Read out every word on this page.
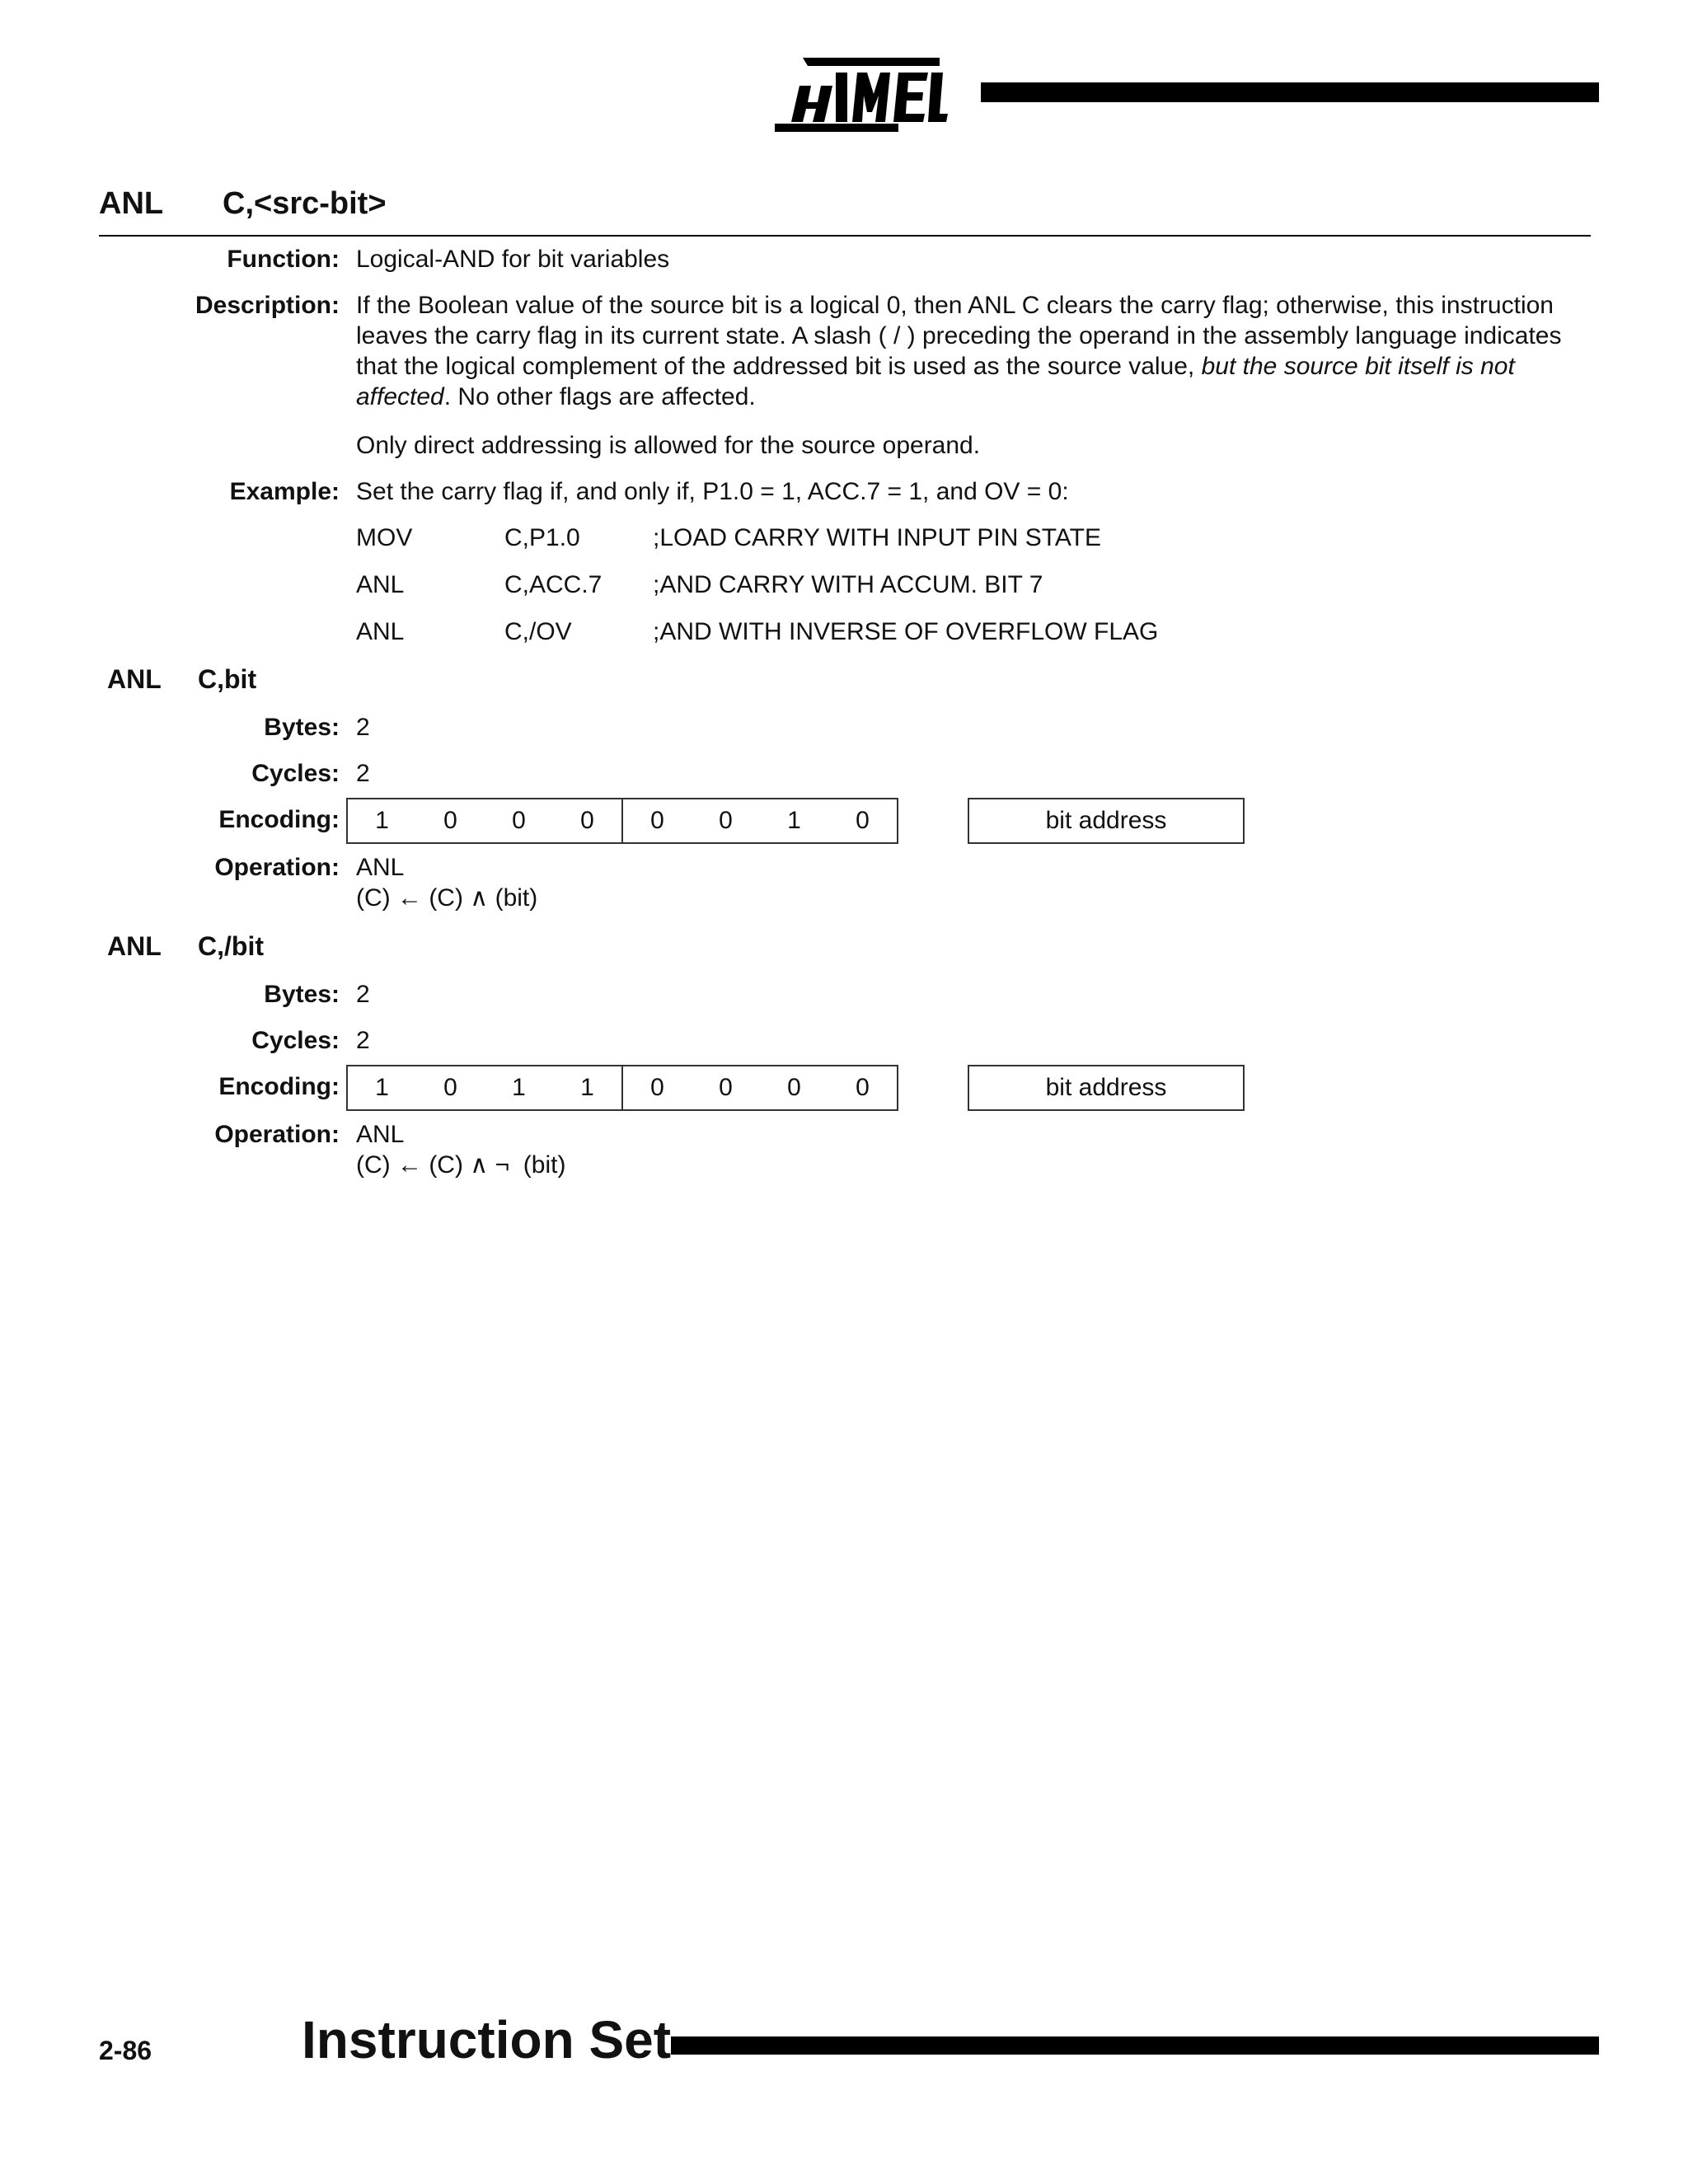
ANL C,<src-bit>
Function: Logical-AND for bit variables
Description: If the Boolean value of the source bit is a logical 0, then ANL C clears the carry flag; otherwise, this instruction
leaves the carry flag in its current state. A slash ( / ) preceding the operand in the assembly language indicates
that the logical complement of the addressed bit is used as the source value, but the source bit itself is not
affected. No other flags are affected.
Only direct addressing is allowed for the source operand.
Example: Set the carry flag if, and only if, P1.0 = 1, ACC.7 = 1, and OV = 0:
MOV	C,P1.0	;LOAD CARRY WITH INPUT PIN STATE
ANL	C,ACC.7 ;AND CARRY WITH ACCUM. BIT 7
ANL	C,/OV	;AND WITH INVERSE OF OVERFLOW FLAG
ANL C,bit
Bytes: 2
Cycles: 2
Encoding:	1	0	0	0	0	0	1	0	bit address
Operation: ANL
(C) ← (C) ∧ (bit)
ANL C,/bit
Bytes: 2
Cycles: 2
Encoding:	1	0	1	1	0	0	0	0	bit address
Operation: ANL
(C) ← (C) ∧ ¬  (bit)
2-86	Instruction Set
